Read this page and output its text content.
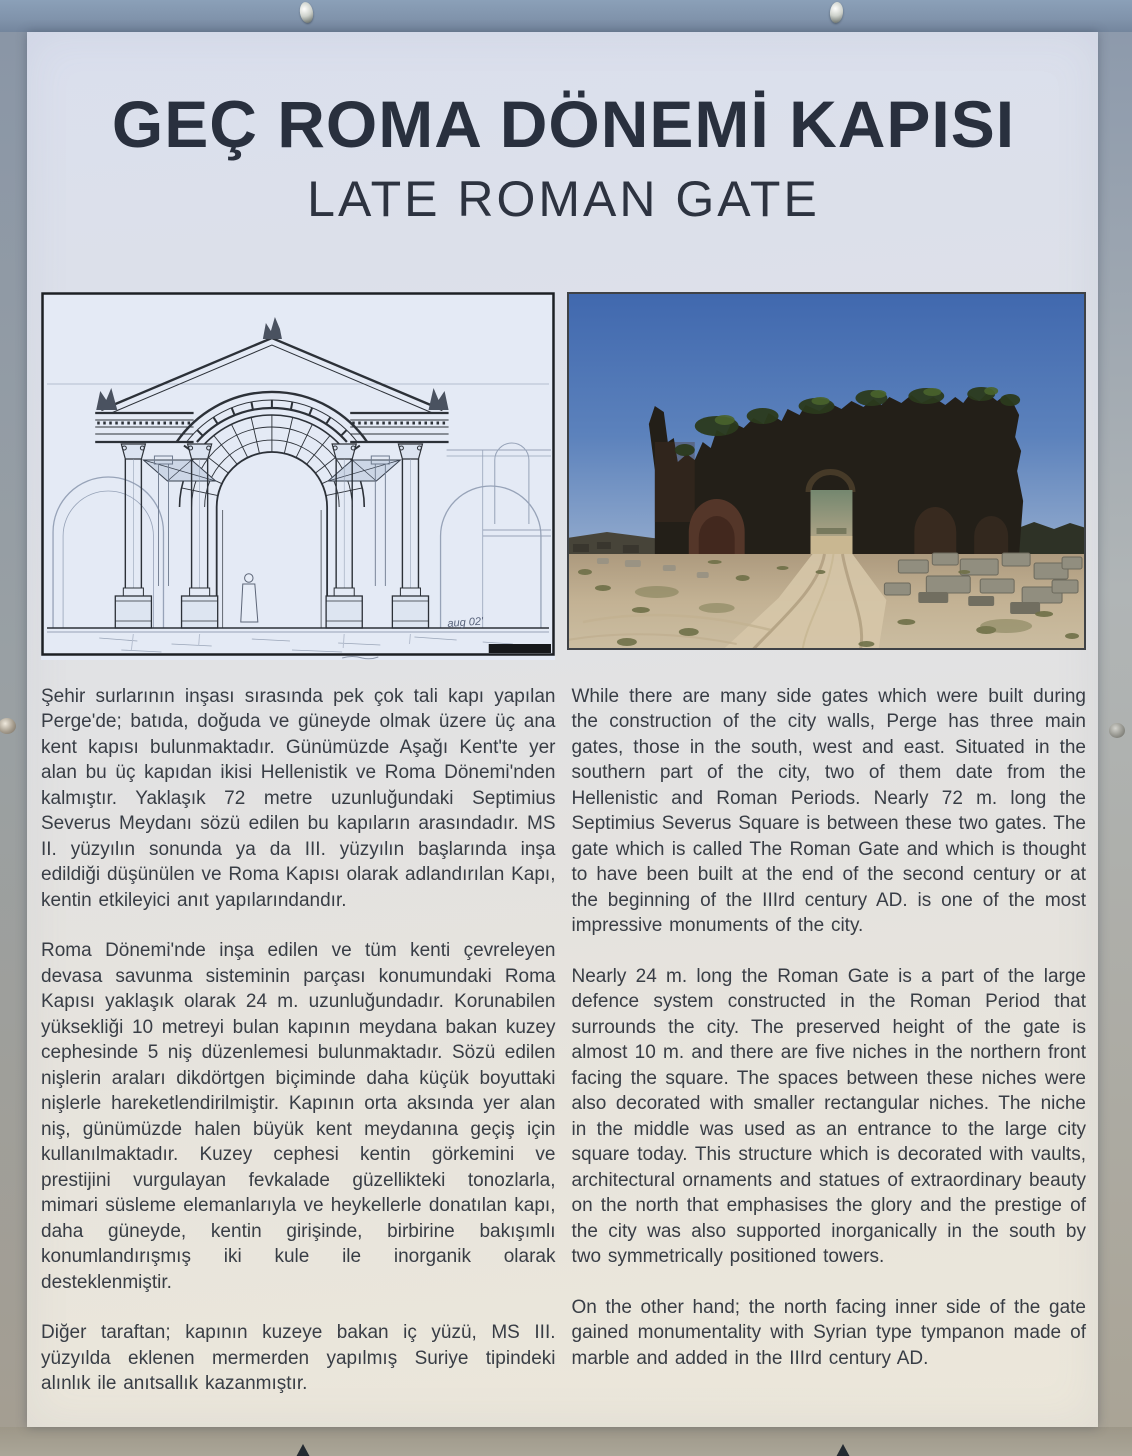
GEÇ ROMA DÖNEMİ KAPISI
LATE ROMAN GATE
aug 02'

Şehir surlarının inşası sırasında pek çok tali kapı yapılan Perge'de; batıda, doğuda ve güneyde olmak üzere üç ana kent kapısı bulunmaktadır. Günümüzde Aşağı Kent'te yer alan bu üç kapıdan ikisi Hellenistik ve Roma Dönemi'nden kalmıştır. Yaklaşık 72 metre uzunluğundaki Septimius Severus Meydanı sözü edilen bu kapıların arasındadır. MS II. yüzyılın sonunda ya da III. yüzyılın başlarında inşa edildiği düşünülen ve Roma Kapısı olarak adlandırılan Kapı, kentin etkileyici anıt yapılarındandır.

Roma Dönemi'nde inşa edilen ve tüm kenti çevreleyen devasa savunma sisteminin parçası konumundaki Roma Kapısı yaklaşık olarak 24 m. uzunluğundadır. Korunabilen yüksekliği 10 metreyi bulan kapının meydana bakan kuzey cephesinde 5 niş düzenlemesi bulunmaktadır. Sözü edilen nişlerin araları dikdörtgen biçiminde daha küçük boyuttaki nişlerle hareketlendirilmiştir. Kapının orta aksında yer alan niş, günümüzde halen büyük kent meydanına geçiş için kullanılmaktadır. Kuzey cephesi kentin görkemini ve prestijini vurgulayan fevkalade güzellikteki tonozlarla, mimari süsleme elemanlarıyla ve heykellerle donatılan kapı, daha güneyde, kentin girişinde, birbirine bakışımlı konumlandırışmış iki kule ile inorganik olarak desteklenmiştir.

Diğer taraftan; kapının kuzeye bakan iç yüzü, MS III. yüzyılda eklenen mermerden yapılmış Suriye tipindeki alınlık ile anıtsallık kazanmıştır.

While there are many side gates which were built during the construction of the city walls, Perge has three main gates, those in the south, west and east. Situated in the southern part of the city, two of them date from the Hellenistic and Roman Periods. Nearly 72 m. long the Septimius Severus Square is between these two gates. The gate which is called The Roman Gate and which is thought to have been built at the end of the second century or at the beginning of the IIIrd century AD. is one of the most impressive monuments of the city.

Nearly 24 m. long the Roman Gate is a part of the large defence system constructed in the Roman Period that surrounds the city. The preserved height of the gate is almost 10 m. and there are five niches in the northern front facing the square. The spaces between these niches were also decorated with smaller rectangular niches. The niche in the middle was used as an entrance to the large city square today. This structure which is decorated with vaults, architectural ornaments and statues of extraordinary beauty on the north that emphasises the glory and the prestige of the city was also supported inorganically in the south by two symmetrically positioned towers.

On the other hand; the north facing inner side of the gate gained monumentality with Syrian type tympanon made of marble and added in the IIIrd century AD.
